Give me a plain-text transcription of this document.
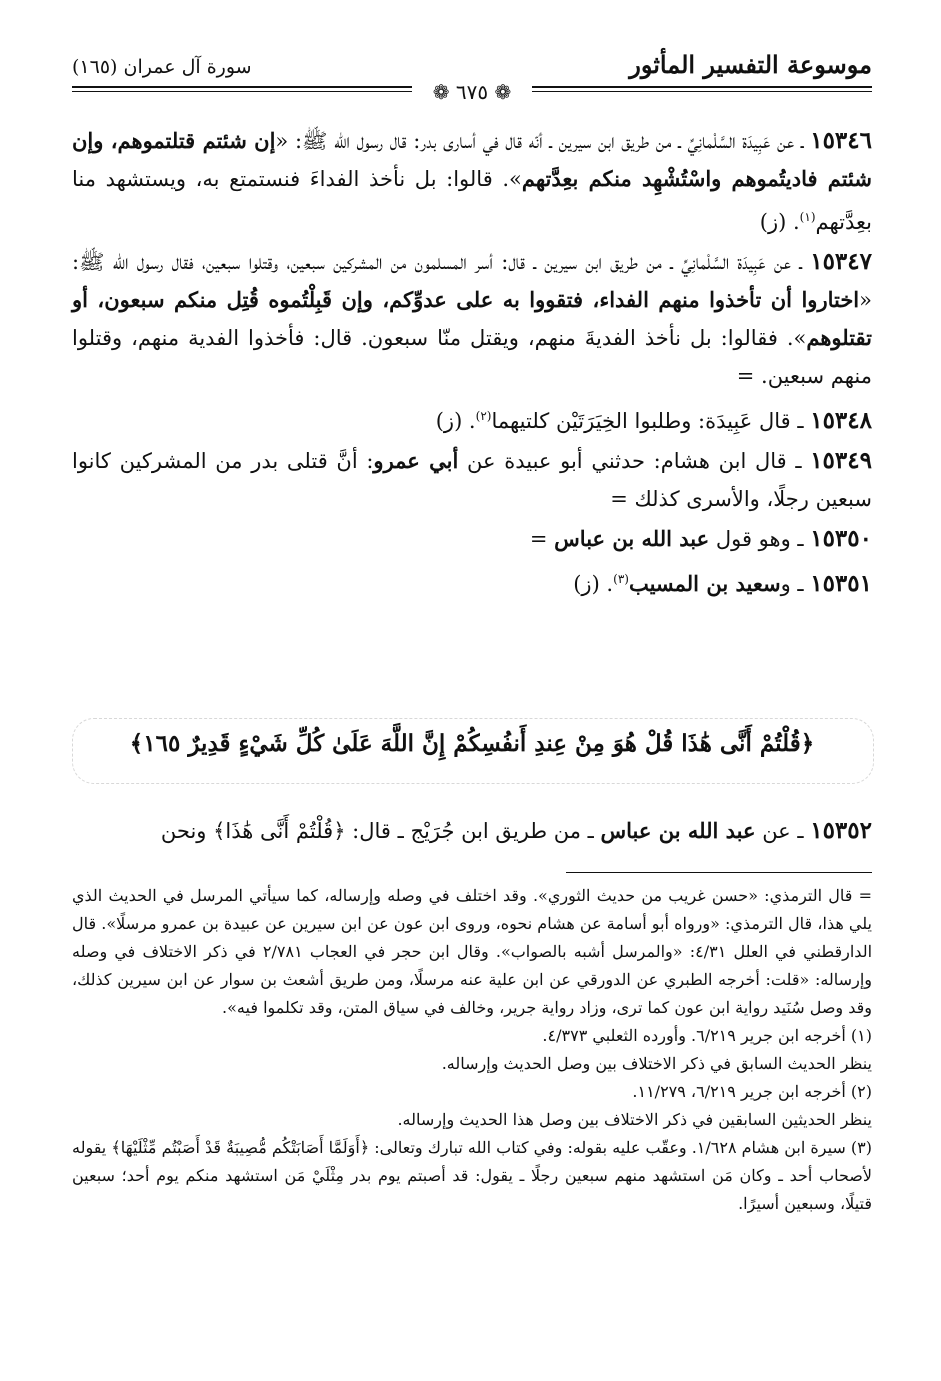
موسوعة التفسير المأثور
سورة آل عمران (١٦٥)
❁ ٦٧٥ ❁

١٥٣٤٦ ـ عن عَبِيدَة السَّلْمانِيِّ ـ من طريق ابن سيرين ـ أنّه قال في أسارى بدر: قال رسول الله ﷺ: «إن شئتم قتلتموهم، وإن شئتم فاديتُموهم واسْتُشْهِد منكم بعِدَّتهم». قالوا: بل نأخذ الفداءَ فنستمتع به، ويستشهد منا بعِدَّتهم$^{(١)}$. (ز)

١٥٣٤٧ ـ عن عَبِيدَة السَّلْمانِيِّ ـ من طريق ابن سيرين ـ قال: أسر المسلمون من المشركين سبعين، وقتلوا سبعين، فقال رسول الله ﷺ: «اختاروا أن تأخذوا منهم الفداء، فتقووا به على عدوِّكم، وإن قَبِلْتُموه قُتِل منكم سبعون، أو تقتلوهم». فقالوا: بل نأخذ الفديةَ منهم، ويقتل منّا سبعون. قال: فأخذوا الفدية منهم، وقتلوا منهم سبعين. =

١٥٣٤٨ ـ قال عَبِيدَة: وطلبوا الخِيَرَتَيْن كلتيهما$^{(٢)}$. (ز)

١٥٣٤٩ ـ قال ابن هشام: حدثني أبو عبيدة عن أبي عمرو: أنَّ قتلى بدر من المشركين كانوا سبعين رجلًا، والأسرى كذلك =

١٥٣٥٠ ـ وهو قول عبد الله بن عباس =

١٥٣٥١ ـ وسعيد بن المسيب$^{(٣)}$. (ز)

﴿قُلْتُمْ أَنَّى هَٰذَا قُلْ هُوَ مِنْ عِندِ أَنفُسِكُمْ إِنَّ اللَّهَ عَلَىٰ كُلِّ شَيْءٍ قَدِيرٌ ١٦٥﴾

١٥٣٥٢ ـ عن عبد الله بن عباس ـ من طريق ابن جُرَيْج ـ قال: ﴿قُلْتُمْ أَنَّى هَٰذَا﴾ ونحن

= قال الترمذي: «حسن غريب من حديث الثوري». وقد اختلف في وصله وإرساله، كما سيأتي المرسل في الحديث الذي يلي هذا، قال الترمذي: «ورواه أبو أسامة عن هشام نحوه، وروى ابن عون عن ابن سيرين عن عبيدة بن عمرو مرسلًا». قال الدارقطني في العلل ٤/٣١: «والمرسل أشبه بالصواب». وقال ابن حجر في العجاب ٢/٧٨١ في ذكر الاختلاف في وصله وإرساله: «قلت: أخرجه الطبري عن الدورقي عن ابن علية عنه مرسلًا، ومن طريق أشعث بن سوار عن ابن سيرين كذلك، وقد وصل سُنَيد رواية ابن عون كما ترى، وزاد رواية جرير، وخالف في سياق المتن، وقد تكلموا فيه».

(١) أخرجه ابن جرير ٦/٢١٩. وأورده الثعلبي ٤/٣٧٣.

ينظر الحديث السابق في ذكر الاختلاف بين وصل الحديث وإرساله.

(٢) أخرجه ابن جرير ٦/٢١٩، ١١/٢٧٩.

ينظر الحديثين السابقين في ذكر الاختلاف بين وصل هذا الحديث وإرساله.

(٣) سيرة ابن هشام ١/٦٢٨. وعقّب عليه بقوله: وفي كتاب الله تبارك وتعالى: ﴿أَوَلَمَّا أَصَابَتْكُم مُّصِيبَةٌ قَدْ أَصَبْتُم مِّثْلَيْهَا﴾ يقوله لأصحاب أحد ـ وكان مَن استشهد منهم سبعين رجلًا ـ يقول: قد أصبتم يوم بدر مِثْلَيْ مَن استشهد منكم يوم أحد؛ سبعين قتيلًا، وسبعين أسيرًا.
